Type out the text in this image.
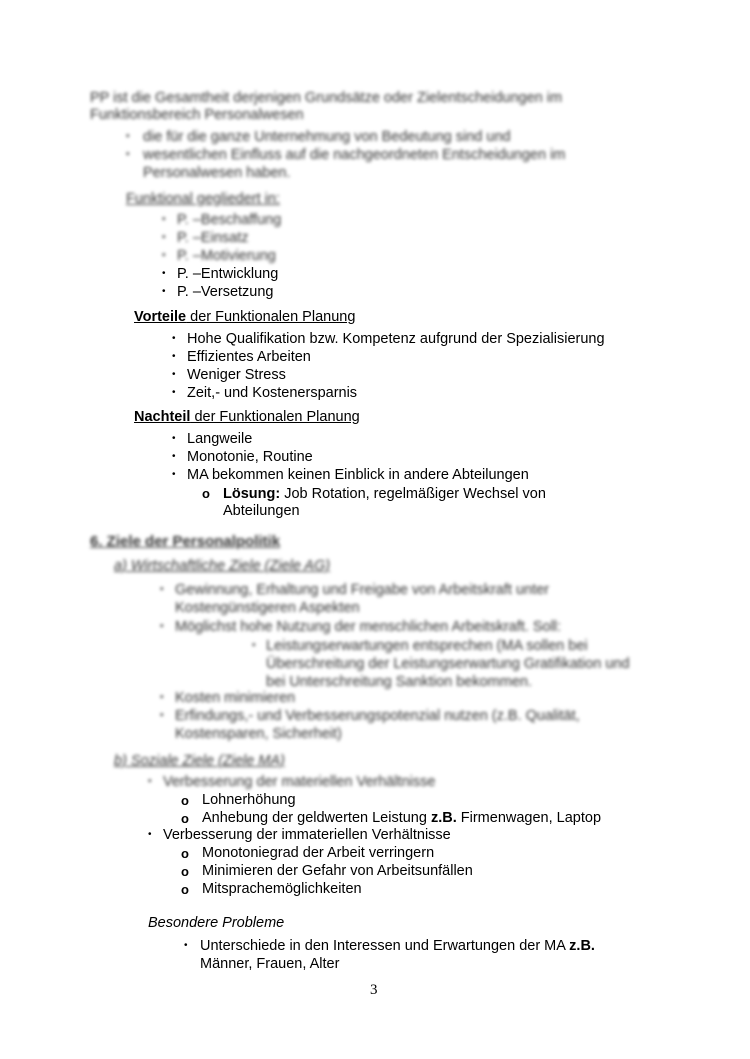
PP ist die Gesamtheit derjenigen Grundsätze oder Zielentscheidungen im
Funktionsbereich Personalwesen
• die für die ganze Unternehmung von Bedeutung sind und
• wesentlichen Einfluss auf die nachgeordneten Entscheidungen im
Personalwesen haben.
Funktional gegliedert in:
• P. –Beschaffung
• P. –Einsatz
• P. –Motivierung
• P. –Entwicklung
• P. –Versetzung
Vorteile der Funktionalen Planung
• Hohe Qualifikation bzw. Kompetenz aufgrund der Spezialisierung
• Effizientes Arbeiten
• Weniger Stress
• Zeit,- und Kostenersparnis
Nachteil der Funktionalen Planung
• Langweile
• Monotonie, Routine
• MA bekommen keinen Einblick in andere Abteilungen
o Lösung: Job Rotation, regelmäßiger Wechsel von
Abteilungen
6. Ziele der Personalpolitik
a) Wirtschaftliche Ziele (Ziele AG)
• Gewinnung, Erhaltung und Freigabe von Arbeitskraft unter
Kostengünstigeren Aspekten
• Möglichst hohe Nutzung der menschlichen Arbeitskraft. Soll:
• Leistungserwartungen entsprechen (MA sollen bei
Überschreitung der Leistungserwartung Gratifikation und
bei Unterschreitung Sanktion bekommen.
• Kosten minimieren
• Erfindungs,- und Verbesserungspotenzial nutzen (z.B. Qualität,
Kostensparen, Sicherheit)
b) Soziale Ziele (Ziele MA)
• Verbesserung der materiellen Verhältnisse
o Lohnerhöhung
o Anhebung der geldwerten Leistung z.B. Firmenwagen, Laptop
• Verbesserung der immateriellen Verhältnisse
o Monotoniegrad der Arbeit verringern
o Minimieren der Gefahr von Arbeitsunfällen
o Mitsprachemöglichkeiten
Besondere Probleme
• Unterschiede in den Interessen und Erwartungen der MA z.B.
Männer, Frauen, Alter
3
